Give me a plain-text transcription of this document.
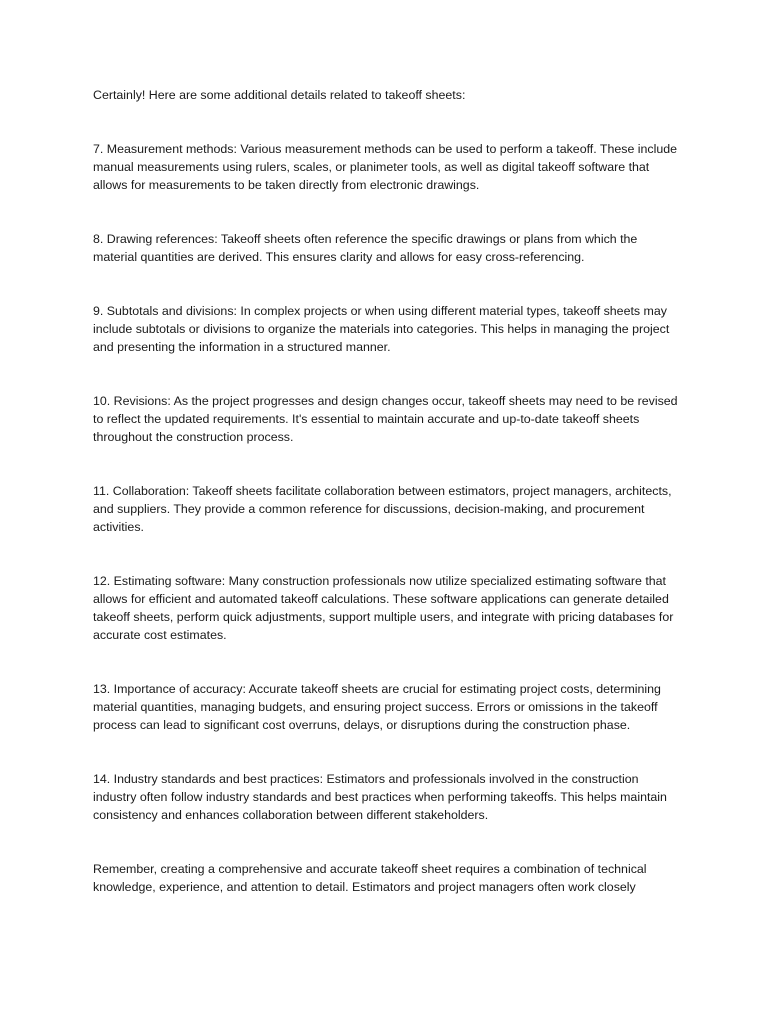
Certainly! Here are some additional details related to takeoff sheets:

7. Measurement methods: Various measurement methods can be used to perform a takeoff. These include manual measurements using rulers, scales, or planimeter tools, as well as digital takeoff software that allows for measurements to be taken directly from electronic drawings.

8. Drawing references: Takeoff sheets often reference the specific drawings or plans from which the material quantities are derived. This ensures clarity and allows for easy cross-referencing.

9. Subtotals and divisions: In complex projects or when using different material types, takeoff sheets may include subtotals or divisions to organize the materials into categories. This helps in managing the project and presenting the information in a structured manner.

10. Revisions: As the project progresses and design changes occur, takeoff sheets may need to be revised to reflect the updated requirements. It's essential to maintain accurate and up-to-date takeoff sheets throughout the construction process.

11. Collaboration: Takeoff sheets facilitate collaboration between estimators, project managers, architects, and suppliers. They provide a common reference for discussions, decision-making, and procurement activities.

12. Estimating software: Many construction professionals now utilize specialized estimating software that allows for efficient and automated takeoff calculations. These software applications can generate detailed takeoff sheets, perform quick adjustments, support multiple users, and integrate with pricing databases for accurate cost estimates.

13. Importance of accuracy: Accurate takeoff sheets are crucial for estimating project costs, determining material quantities, managing budgets, and ensuring project success. Errors or omissions in the takeoff process can lead to significant cost overruns, delays, or disruptions during the construction phase.

14. Industry standards and best practices: Estimators and professionals involved in the construction industry often follow industry standards and best practices when performing takeoffs. This helps maintain consistency and enhances collaboration between different stakeholders.

Remember, creating a comprehensive and accurate takeoff sheet requires a combination of technical knowledge, experience, and attention to detail. Estimators and project managers often work closely
